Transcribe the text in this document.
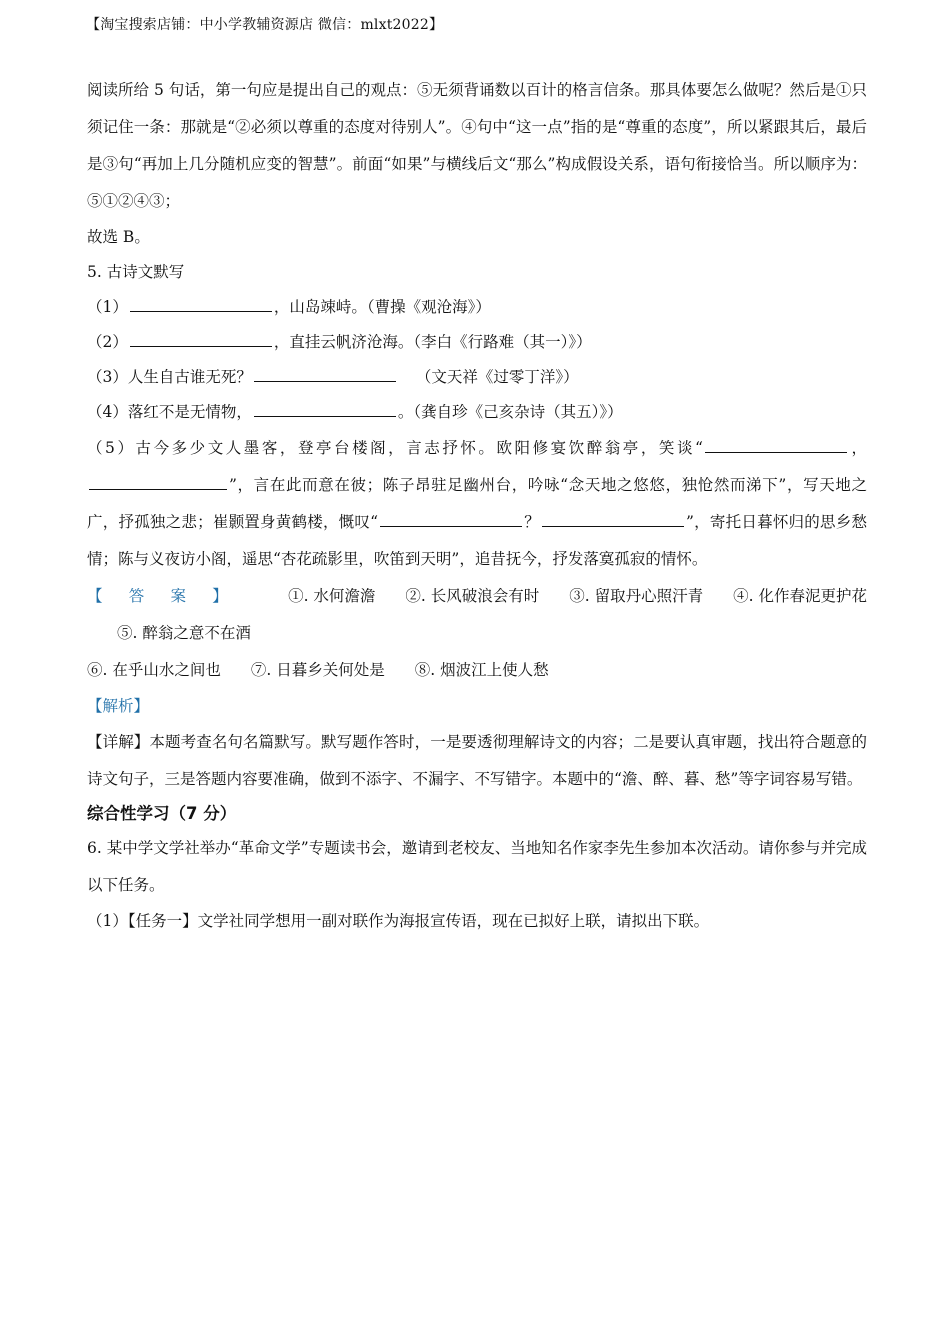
【淘宝搜索店铺：中小学教辅资源店 微信：mlxt2022】

阅读所给 5 句话，第一句应是提出自己的观点：⑤无须背诵数以百计的格言信条。那具体要怎么做呢？然后是①只须记住一条：那就是“②必须以尊重的态度对待别人”。④句中“这一点”指的是“尊重的态度”，所以紧跟其后，最后是③句“再加上几分随机应变的智慧”。前面“如果”与横线后文“那么”构成假设关系，语句衔接恰当。所以顺序为：⑤①②④③；

故选 B。

5. 古诗文默写

（1）	，山岛竦峙。（曹操《观沧海》）

（2）	，直挂云帆济沧海。（李白《行路难（其一）》）

（3）人生自古谁无死？	（文天祥《过零丁洋》）

（4）落红不是无情物，	。（龚自珍《己亥杂诗（其五）》）

（5）古今多少文人墨客，登亭台楼阁，言志抒怀。欧阳修宴饮醉翁亭，笑谈“	，”，言在此而意在彼；陈子昂驻足幽州台，吟咏“念天地之悠悠，独怆然而涕下”，写天地之广，抒孤独之悲；崔颢置身黄鹤楼，慨叹“	？	”，寄托日暮怀归的思乡愁情；陈与义夜访小阁，遥思“杏花疏影里，吹笛到天明”，追昔抚今，抒发落寞孤寂的情怀。

【答案】 ①. 水何澹澹 ②. 长风破浪会有时 ③. 留取丹心照汗青 ④. 化作春泥更护花⑤. 醉翁之意不在酒
⑥. 在乎山水之间也 ⑦. 日暮乡关何处是 ⑧. 烟波江上使人愁

【解析】

【详解】本题考查名句名篇默写。默写题作答时，一是要透彻理解诗文的内容；二是要认真审题，找出符合题意的诗文句子，三是答题内容要准确，做到不添字、不漏字、不写错字。本题中的“澹、醉、暮、愁”等字词容易写错。

综合性学习（7 分）

6. 某中学文学社举办“革命文学”专题读书会，邀请到老校友、当地知名作家李先生参加本次活动。请你参与并完成以下任务。

（1）【任务一】文学社同学想用一副对联作为海报宣传语，现在已拟好上联，请拟出下联。
